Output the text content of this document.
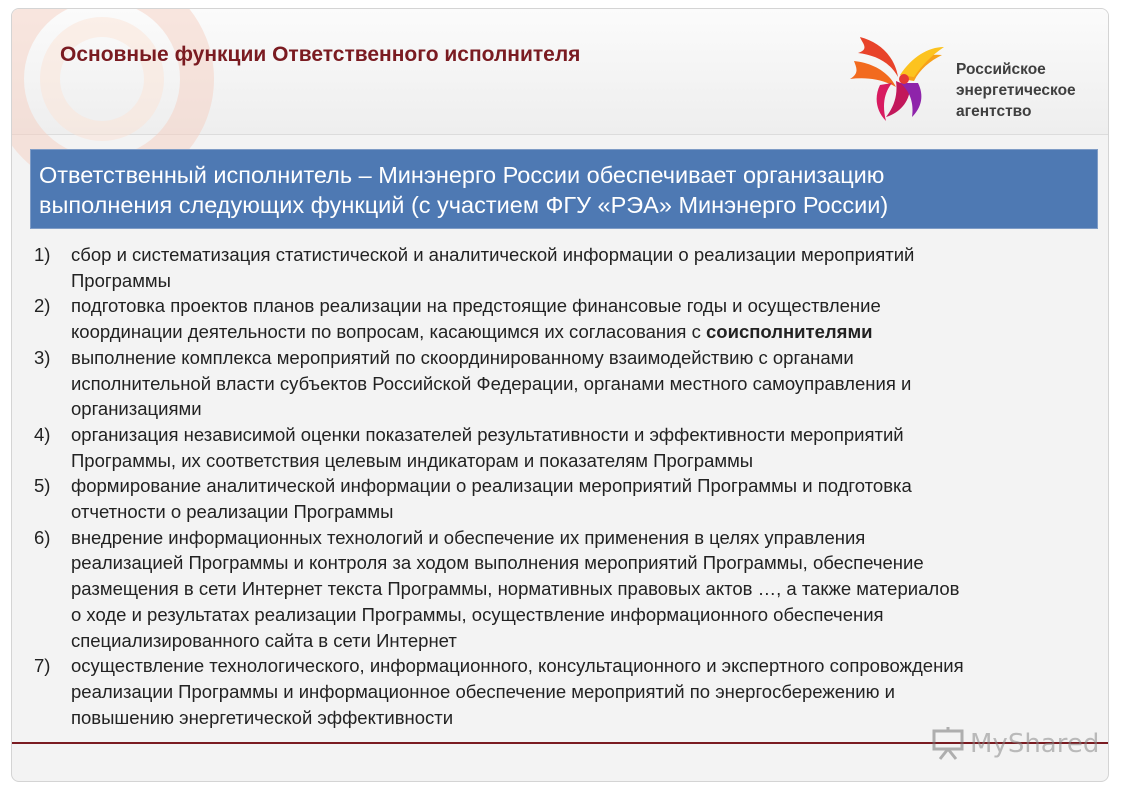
Основные функции Ответственного исполнителя
Российское
энергетическое
агентство
Ответственный исполнитель – Минэнерго России обеспечивает организацию
выполнения следующих функций (с участием ФГУ «РЭА» Минэнерго России)
1) сбор и систематизация статистической и аналитической информации о реализации мероприятий
Программы
2) подготовка проектов планов реализации на предстоящие финансовые годы и осуществление
координации деятельности по вопросам, касающимся их согласования с соисполнителями
3) выполнение комплекса мероприятий по скоординированному взаимодействию с органами
исполнительной власти субъектов Российской Федерации, органами местного самоуправления и
организациями
4) организация независимой оценки показателей результативности и эффективности мероприятий
Программы, их соответствия целевым индикаторам и показателям Программы
5) формирование аналитической информации о реализации мероприятий Программы и подготовка
отчетности о реализации Программы
6) внедрение информационных технологий и обеспечение их применения в целях управления
реализацией Программы и контроля за ходом выполнения мероприятий Программы, обеспечение
размещения в сети Интернет текста Программы, нормативных правовых актов …, а также материалов
о ходе и результатах реализации Программы, осуществление информационного обеспечения
специализированного сайта в сети Интернет
7) осуществление технологического, информационного, консультационного и экспертного сопровождения
реализации Программы и информационное обеспечение мероприятий по энергосбережению и
повышению энергетической эффективности
MyShared
